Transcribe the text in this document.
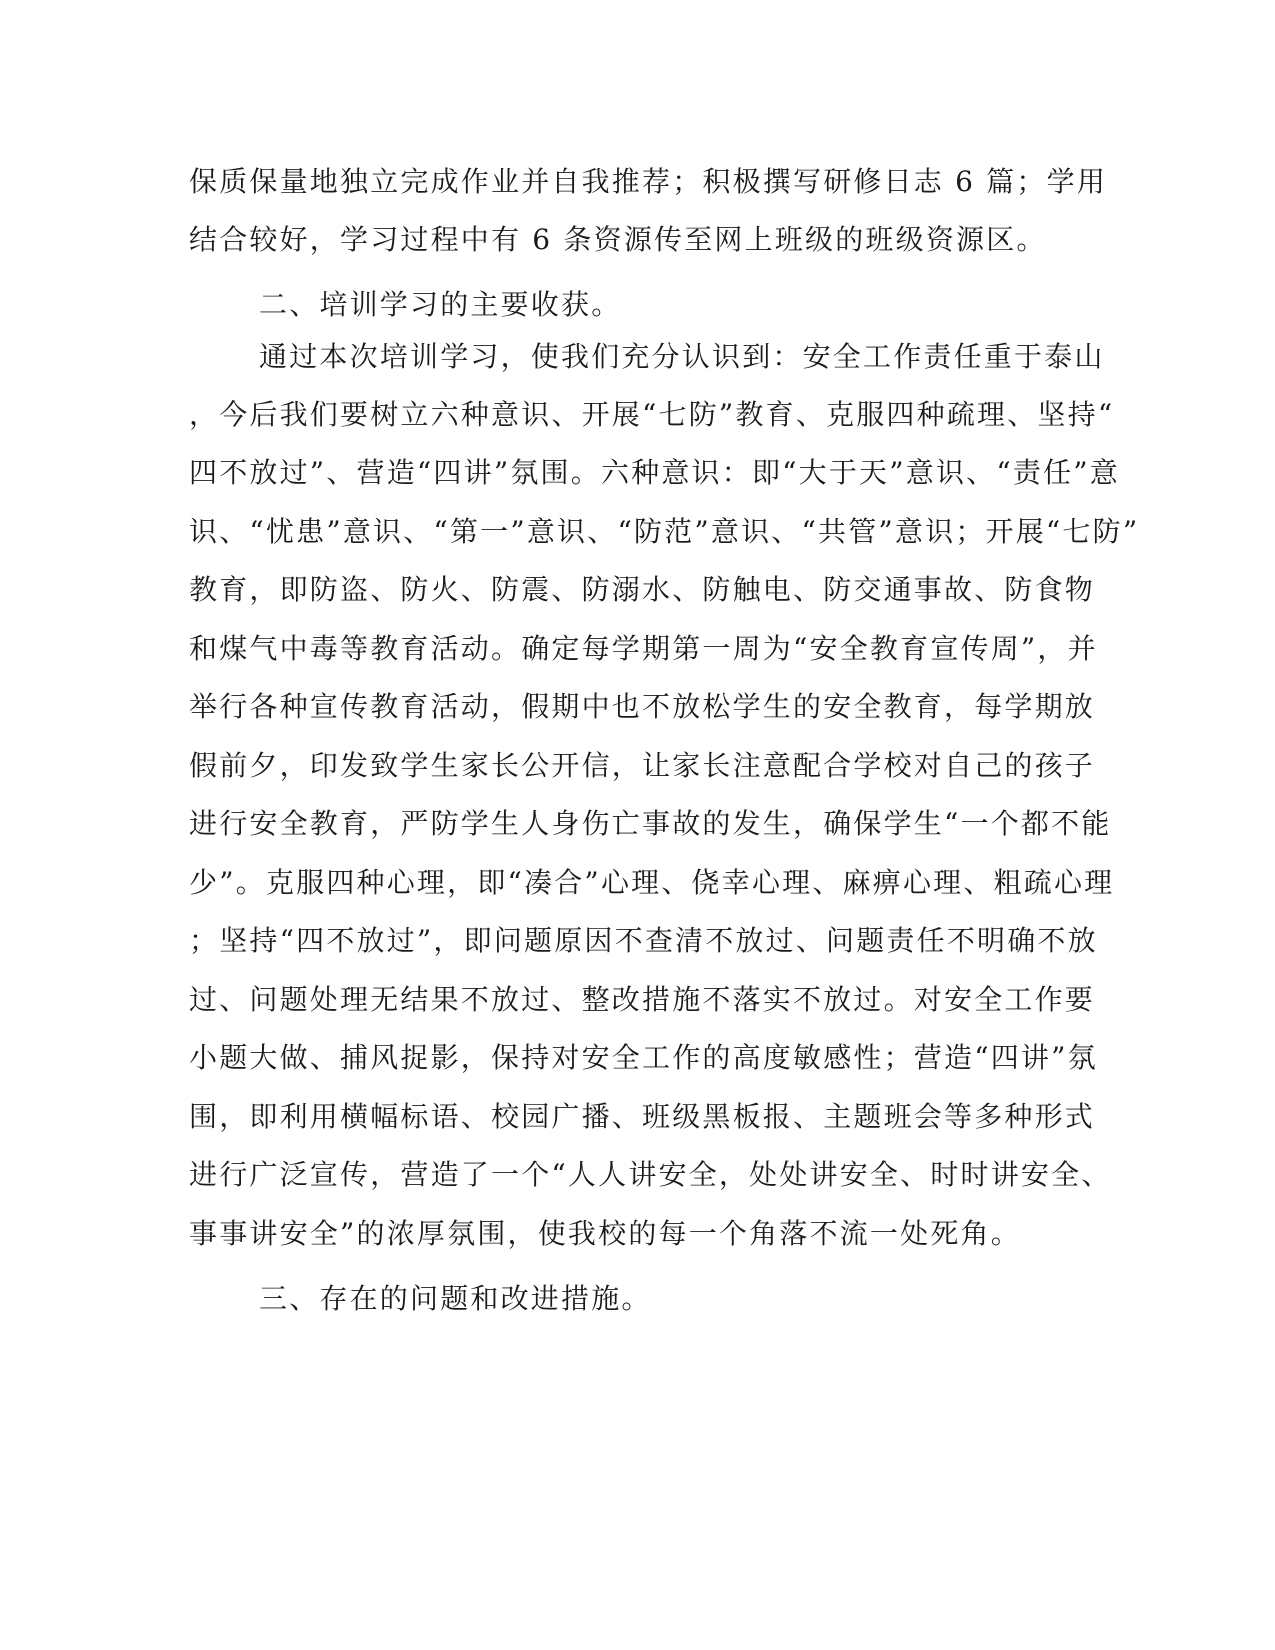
保质保量地独立完成作业并自我推荐；积极撰写研修日志 6 篇；学用
结合较好，学习过程中有 6 条资源传至网上班级的班级资源区。
二、培训学习的主要收获。
通过本次培训学习，使我们充分认识到：安全工作责任重于泰山
，今后我们要树立六种意识、开展“七防”教育、克服四种疏理、坚持“
四不放过”、营造“四讲”氛围。六种意识：即“大于天”意识、“责任”意
识、“忧患”意识、“第一”意识、“防范”意识、“共管”意识；开展“七防”
教育，即防盗、防火、防震、防溺水、防触电、防交通事故、防食物
和煤气中毒等教育活动。确定每学期第一周为“安全教育宣传周”，并
举行各种宣传教育活动，假期中也不放松学生的安全教育，每学期放
假前夕，印发致学生家长公开信，让家长注意配合学校对自己的孩子
进行安全教育，严防学生人身伤亡事故的发生，确保学生“一个都不能
少”。克服四种心理，即“凑合”心理、侥幸心理、麻痹心理、粗疏心理
；坚持“四不放过”，即问题原因不查清不放过、问题责任不明确不放
过、问题处理无结果不放过、整改措施不落实不放过。对安全工作要
小题大做、捕风捉影，保持对安全工作的高度敏感性；营造“四讲”氛
围，即利用横幅标语、校园广播、班级黑板报、主题班会等多种形式
进行广泛宣传，营造了一个“人人讲安全，处处讲安全、时时讲安全、
事事讲安全”的浓厚氛围，使我校的每一个角落不流一处死角。
三、存在的问题和改进措施。
